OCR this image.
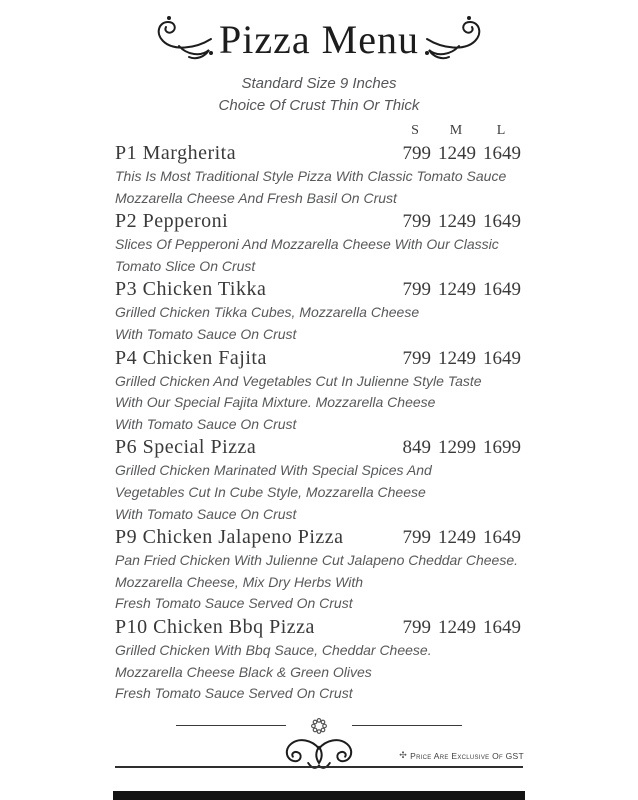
Pizza Menu
Standard Size 9 Inches
Choice Of Crust Thin Or Thick
S	M	L
P1 Margherita	799 1249 1649
This Is Most Traditional Style Pizza With Classic Tomato Sauce
Mozzarella Cheese And Fresh Basil On Crust
P2 Pepperoni	799 1249 1649
Slices Of Pepperoni And Mozzarella Cheese With Our Classic
Tomato Slice On Crust
P3 Chicken Tikka	799 1249 1649
Grilled Chicken Tikka Cubes, Mozzarella Cheese
With Tomato Sauce On Crust
P4 Chicken Fajita	799 1249 1649
Grilled Chicken And Vegetables Cut In Julienne Style Taste
With Our Special Fajita Mixture. Mozzarella Cheese
With Tomato Sauce On Crust
P6 Special Pizza	849 1299 1699
Grilled Chicken Marinated With Special Spices And
Vegetables Cut In Cube Style, Mozzarella Cheese
With Tomato Sauce On Crust
P9 Chicken Jalapeno Pizza	799 1249 1649
Pan Fried Chicken With Julienne Cut Jalapeno Cheddar Cheese.
Mozzarella Cheese, Mix Dry Herbs With
Fresh Tomato Sauce Served On Crust
P10 Chicken Bbq Pizza	799 1249 1649
Grilled Chicken With Bbq Sauce, Cheddar Cheese.
Mozzarella Cheese Black & Green Olives
Fresh Tomato Sauce Served On Crust
✣ Price Are Exclusive Of GST
